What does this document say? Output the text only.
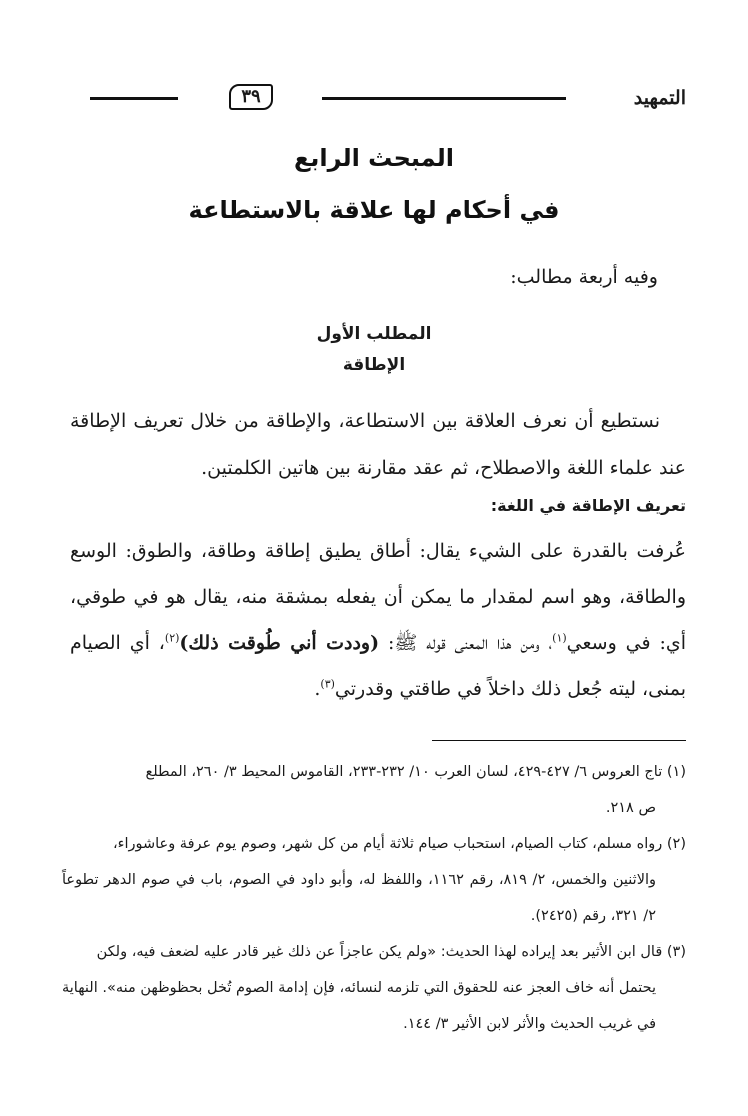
٣٩	التمهيد
المبحث الرابع
في أحكام لها علاقة بالاستطاعة
وفيه أربعة مطالب:
المطلب الأول
الإطاقة
نستطيع أن نعرف العلاقة بين الاستطاعة، والإطاقة من خلال تعريف الإطاقة عند علماء اللغة والاصطلاح، ثم عقد مقارنة بين هاتين الكلمتين.
تعريف الإطاقة في اللغة:
عُرفت بالقدرة على الشيء يقال: أطاق يطيق إطاقة وطاقة، والطوق: الوسع والطاقة، وهو اسم لمقدار ما يمكن أن يفعله بمشقة منه، يقال هو في طوقي، أي: في وسعي$^{(١)}$، ومن هذا المعنى قوله ﷺ: (وددت أني طُوقت ذلك)$^{(٢)}$، أي الصيام بمنى، ليته جُعل ذلك داخلاً في طاقتي وقدرتي$^{(٣)}$.

(١) تاج العروس ٦/ ٤٢٧-٤٢٩، لسان العرب ١٠/ ٢٣٢-٢٣٣، القاموس المحيط ٣/ ٢٦٠، المطلع
ص ٢١٨.

(٢) رواه مسلم، كتاب الصيام، استحباب صيام ثلاثة أيام من كل شهر، وصوم يوم عرفة وعاشوراء،
والاثنين والخمس، ٢/ ٨١٩، رقم ١١٦٢، واللفظ له، وأبو داود في الصوم، باب في صوم الدهر تطوعاً ٢/ ٣٢١، رقم (٢٤٢٥).

(٣) قال ابن الأثير بعد إيراده لهذا الحديث: «ولم يكن عاجزاً عن ذلك غير قادر عليه لضعف فيه، ولكن
يحتمل أنه خاف العجز عنه للحقوق التي تلزمه لنسائه، فإن إدامة الصوم تُخل بحظوظهن منه». النهاية في غريب الحديث والأثر لابن الأثير ٣/ ١٤٤.
